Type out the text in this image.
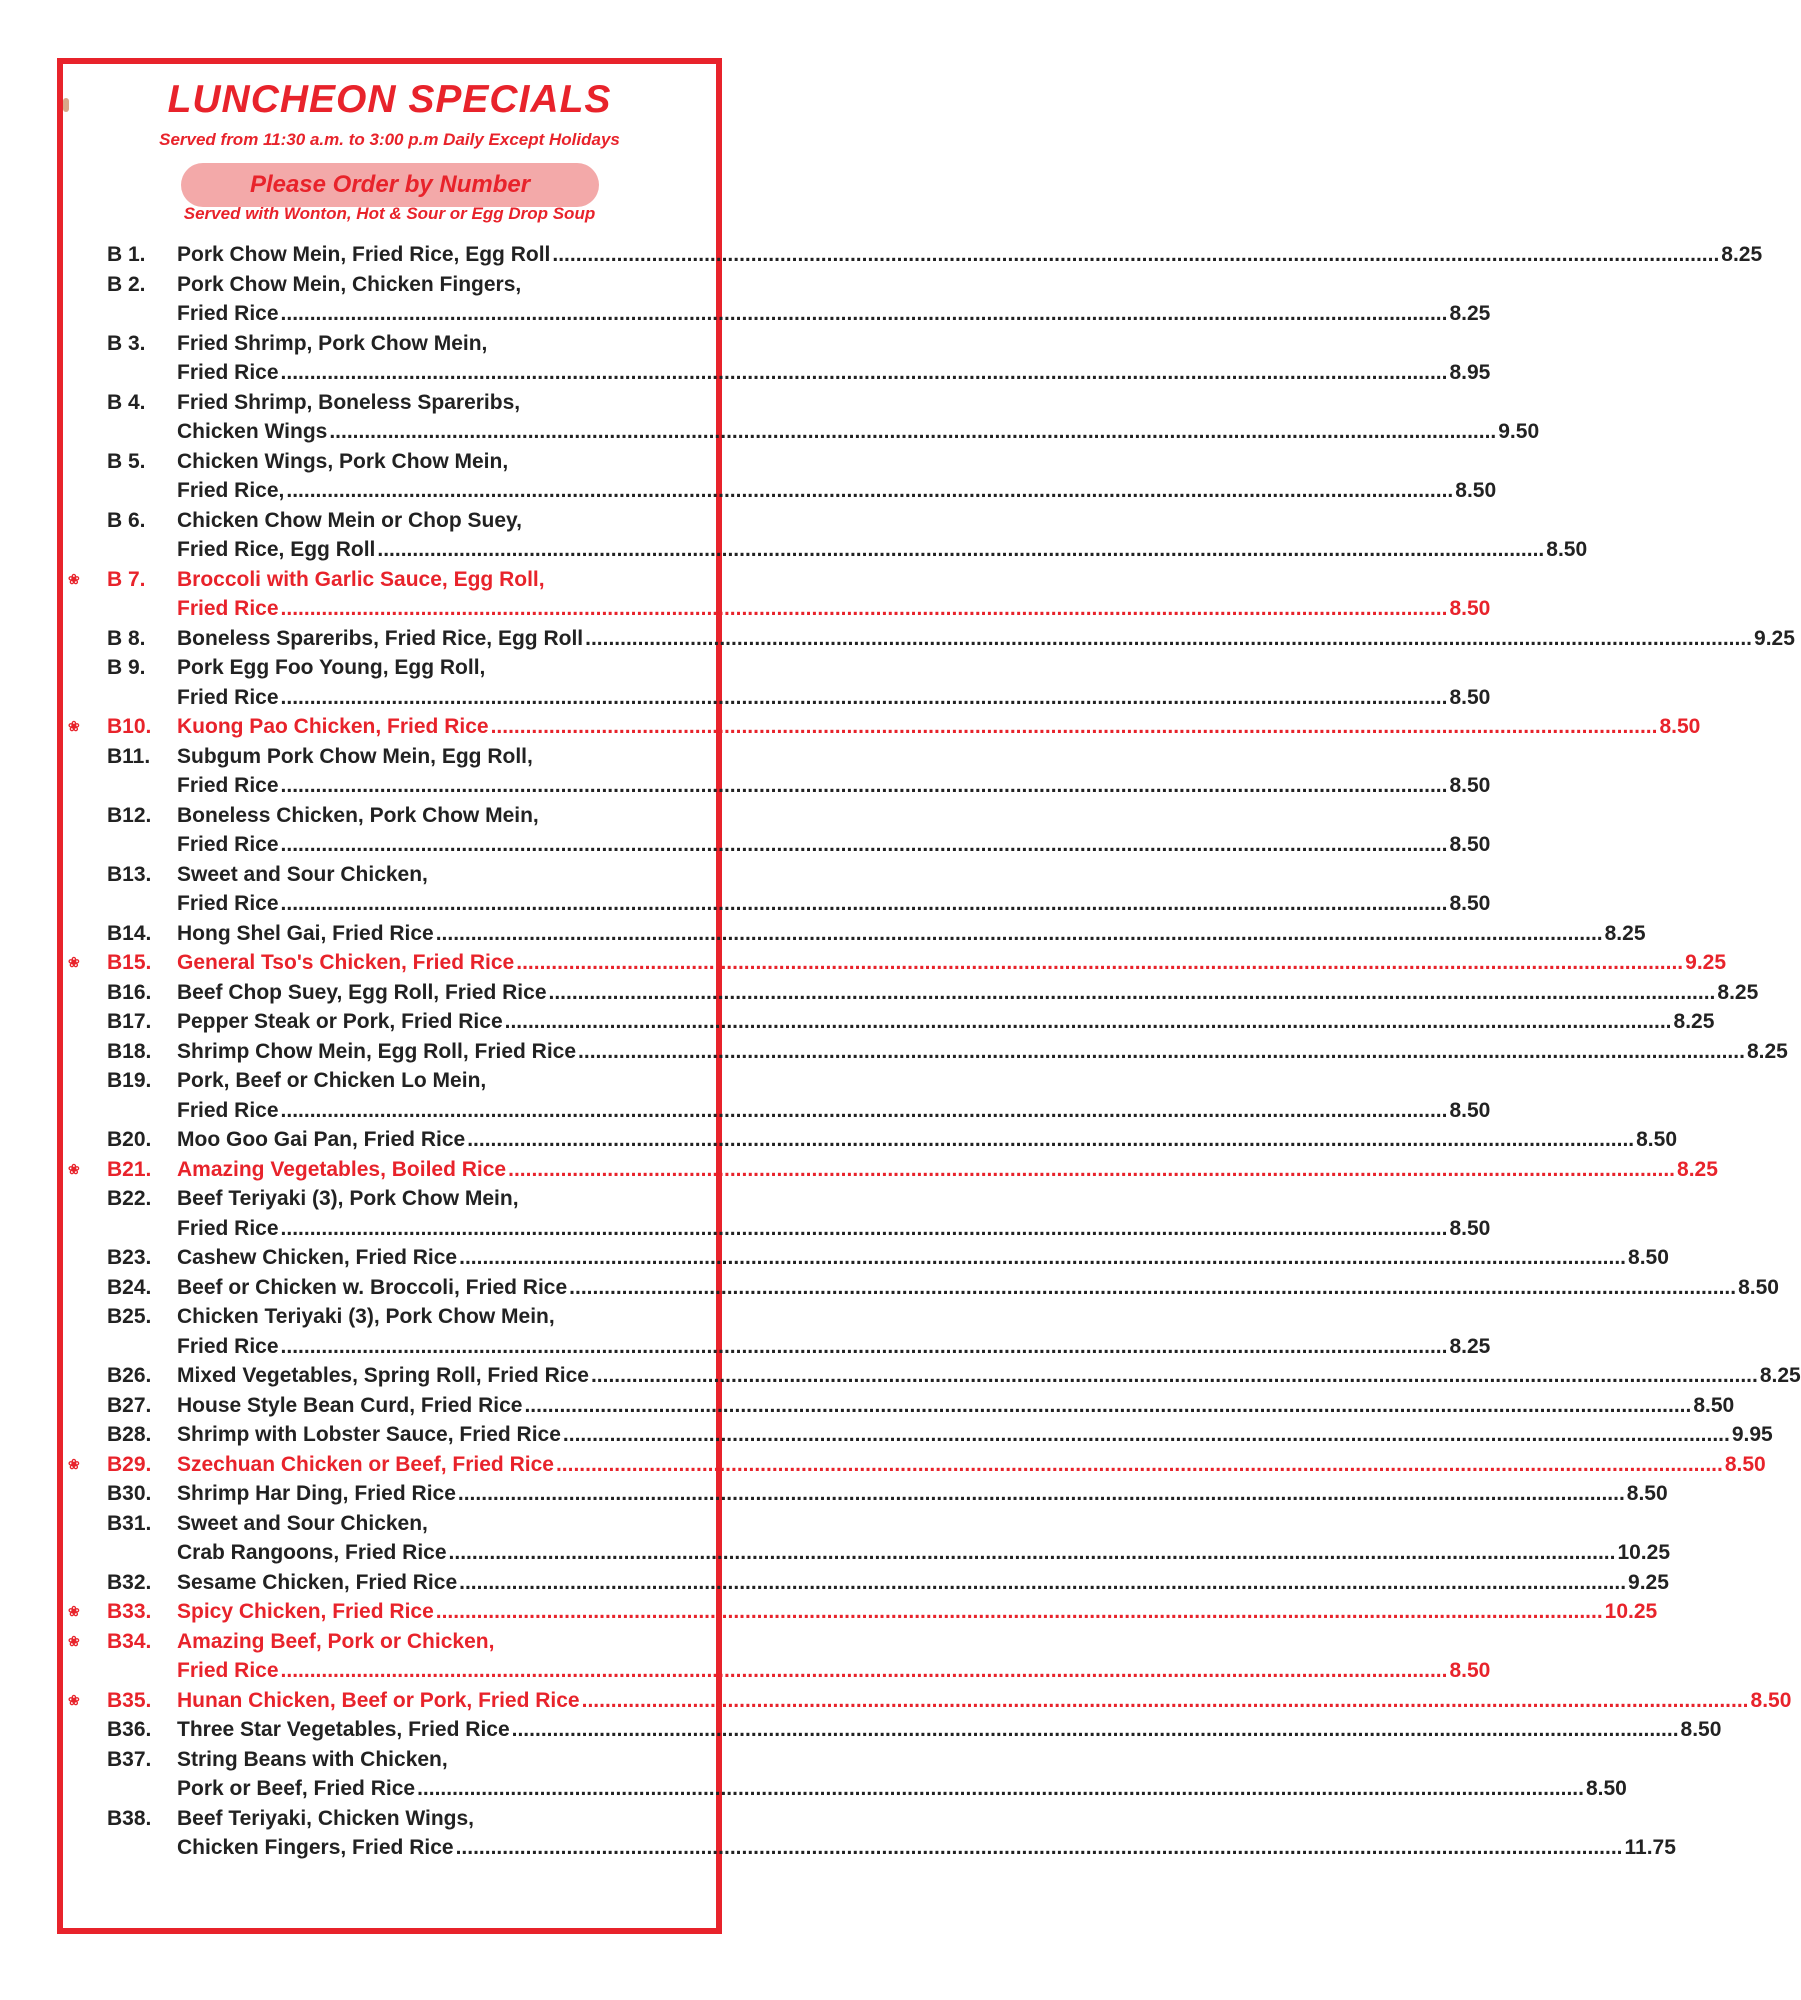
LUNCHEON SPECIALS
Served from 11:30 a.m. to 3:00 p.m Daily Except Holidays
Please Order by Number
Served with Wonton, Hot & Sour or Egg Drop Soup
B 1. Pork Chow Mein, Fried Rice, Egg Roll ........................................................................................................................................................................................................ 8.25
B 2. Pork Chow Mein, Chicken Fingers,
Fried Rice ........................................................................................................................................................................................................ 8.25
B 3. Fried Shrimp, Pork Chow Mein,
Fried Rice ........................................................................................................................................................................................................ 8.95
B 4. Fried Shrimp, Boneless Spareribs,
Chicken Wings ........................................................................................................................................................................................................ 9.50
B 5. Chicken Wings, Pork Chow Mein,
Fried Rice, ........................................................................................................................................................................................................ 8.50
B 6. Chicken Chow Mein or Chop Suey,
Fried Rice, Egg Roll ........................................................................................................................................................................................................ 8.50
❀ B 7. Broccoli with Garlic Sauce, Egg Roll,
Fried Rice ........................................................................................................................................................................................................ 8.50
B 8. Boneless Spareribs, Fried Rice, Egg Roll ........................................................................................................................................................................................................ 9.25
B 9. Pork Egg Foo Young, Egg Roll,
Fried Rice ........................................................................................................................................................................................................ 8.50
❀ B10. Kuong Pao Chicken, Fried Rice ........................................................................................................................................................................................................ 8.50
B11. Subgum Pork Chow Mein, Egg Roll,
Fried Rice ........................................................................................................................................................................................................ 8.50
B12. Boneless Chicken, Pork Chow Mein,
Fried Rice ........................................................................................................................................................................................................ 8.50
B13. Sweet and Sour Chicken,
Fried Rice ........................................................................................................................................................................................................ 8.50
B14. Hong Shel Gai, Fried Rice ........................................................................................................................................................................................................ 8.25
❀ B15. General Tso's Chicken, Fried Rice ........................................................................................................................................................................................................ 9.25
B16. Beef Chop Suey, Egg Roll, Fried Rice ........................................................................................................................................................................................................ 8.25
B17. Pepper Steak or Pork, Fried Rice ........................................................................................................................................................................................................ 8.25
B18. Shrimp Chow Mein, Egg Roll, Fried Rice ........................................................................................................................................................................................................ 8.25
B19. Pork, Beef or Chicken Lo Mein,
Fried Rice ........................................................................................................................................................................................................ 8.50
B20. Moo Goo Gai Pan, Fried Rice ........................................................................................................................................................................................................ 8.50
❀ B21. Amazing Vegetables, Boiled Rice ........................................................................................................................................................................................................ 8.25
B22. Beef Teriyaki (3), Pork Chow Mein,
Fried Rice ........................................................................................................................................................................................................ 8.50
B23. Cashew Chicken, Fried Rice ........................................................................................................................................................................................................ 8.50
B24. Beef or Chicken w. Broccoli, Fried Rice ........................................................................................................................................................................................................ 8.50
B25. Chicken Teriyaki (3), Pork Chow Mein,
Fried Rice ........................................................................................................................................................................................................ 8.25
B26. Mixed Vegetables, Spring Roll, Fried Rice ........................................................................................................................................................................................................ 8.25
B27. House Style Bean Curd, Fried Rice ........................................................................................................................................................................................................ 8.50
B28. Shrimp with Lobster Sauce, Fried Rice ........................................................................................................................................................................................................ 9.95
❀ B29. Szechuan Chicken or Beef, Fried Rice ........................................................................................................................................................................................................ 8.50
B30. Shrimp Har Ding, Fried Rice ........................................................................................................................................................................................................ 8.50
B31. Sweet and Sour Chicken,
Crab Rangoons, Fried Rice ........................................................................................................................................................................................................ 10.25
B32. Sesame Chicken, Fried Rice ........................................................................................................................................................................................................ 9.25
❀ B33. Spicy Chicken, Fried Rice ........................................................................................................................................................................................................ 10.25
❀ B34. Amazing Beef, Pork or Chicken,
Fried Rice ........................................................................................................................................................................................................ 8.50
❀ B35. Hunan Chicken, Beef or Pork, Fried Rice ........................................................................................................................................................................................................ 8.50
B36. Three Star Vegetables, Fried Rice ........................................................................................................................................................................................................ 8.50
B37. String Beans with Chicken,
Pork or Beef, Fried Rice ........................................................................................................................................................................................................ 8.50
B38. Beef Teriyaki, Chicken Wings,
Chicken Fingers, Fried Rice ........................................................................................................................................................................................................ 11.75
